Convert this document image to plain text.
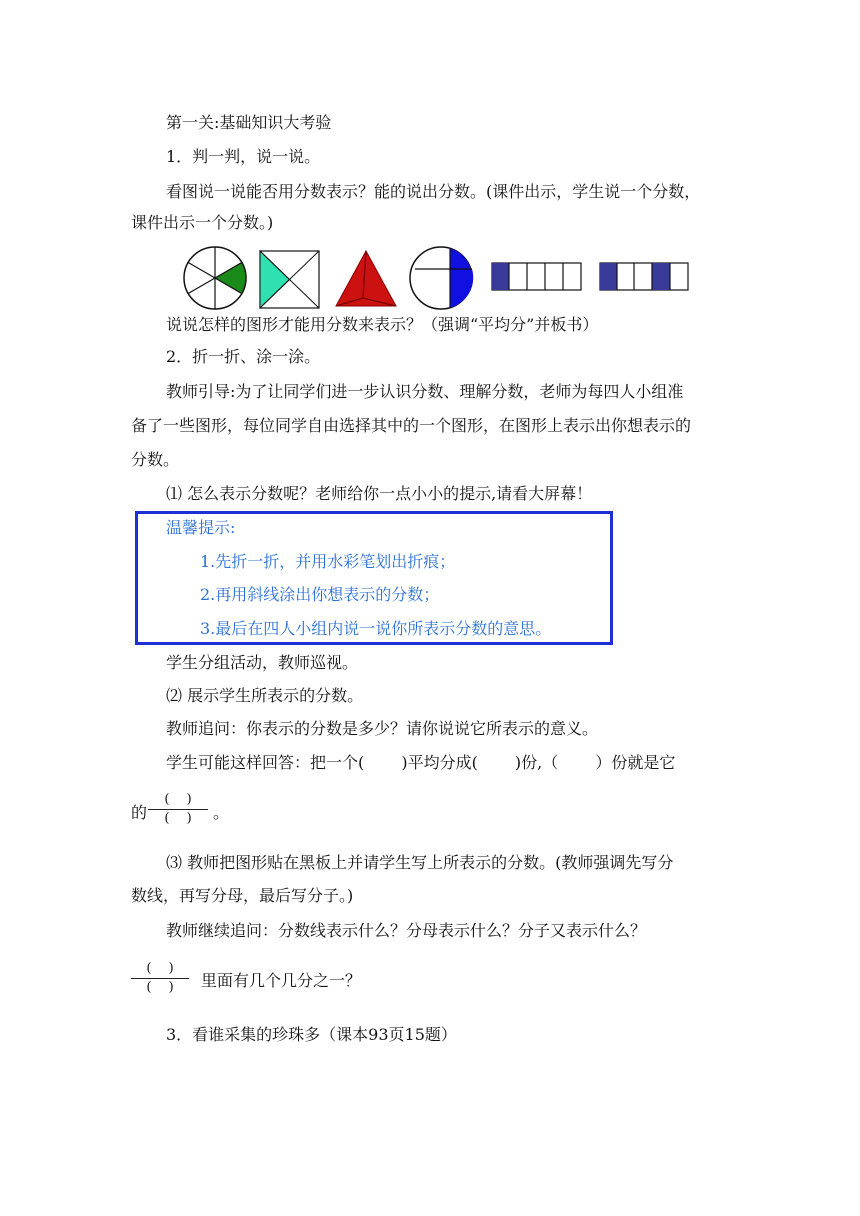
第一关:基础知识大考验
1．判一判，说一说。
看图说一说能否用分数表示？能的说出分数。(课件出示，学生说一个分数，
课件出示一个分数。)
说说怎样的图形才能用分数来表示？（强调“平均分”并板书）
2．折一折、涂一涂。
教师引导:为了让同学们进一步认识分数、理解分数，老师为每四人小组准
备了一些图形，每位同学自由选择其中的一个图形，在图形上表示出你想表示的
分数。
⑴ 怎么表示分数呢？老师给你一点小小的提示,请看大屏幕！
温馨提示:
1.先折一折，并用水彩笔划出折痕；
2.再用斜线涂出你想表示的分数；
3.最后在四人小组内说一说你所表示分数的意思。
学生分组活动，教师巡视。
⑵ 展示学生所表示的分数。
教师追问：你表示的分数是多少？请你说说它所表示的意义。
学生可能这样回答：把一个(　　 )平均分成(　　 )份,（　　 ）份就是它
的
(　 )
(　 )	。
⑶ 教师把图形贴在黑板上并请学生写上所表示的分数。(教师强调先写分
数线，再写分母，最后写分子。)
教师继续追问：分数线表示什么？分母表示什么？分子又表示什么？
(　 )
(　 )	里面有几个几分之一？
3．看谁采集的珍珠多（课本93页15题）
